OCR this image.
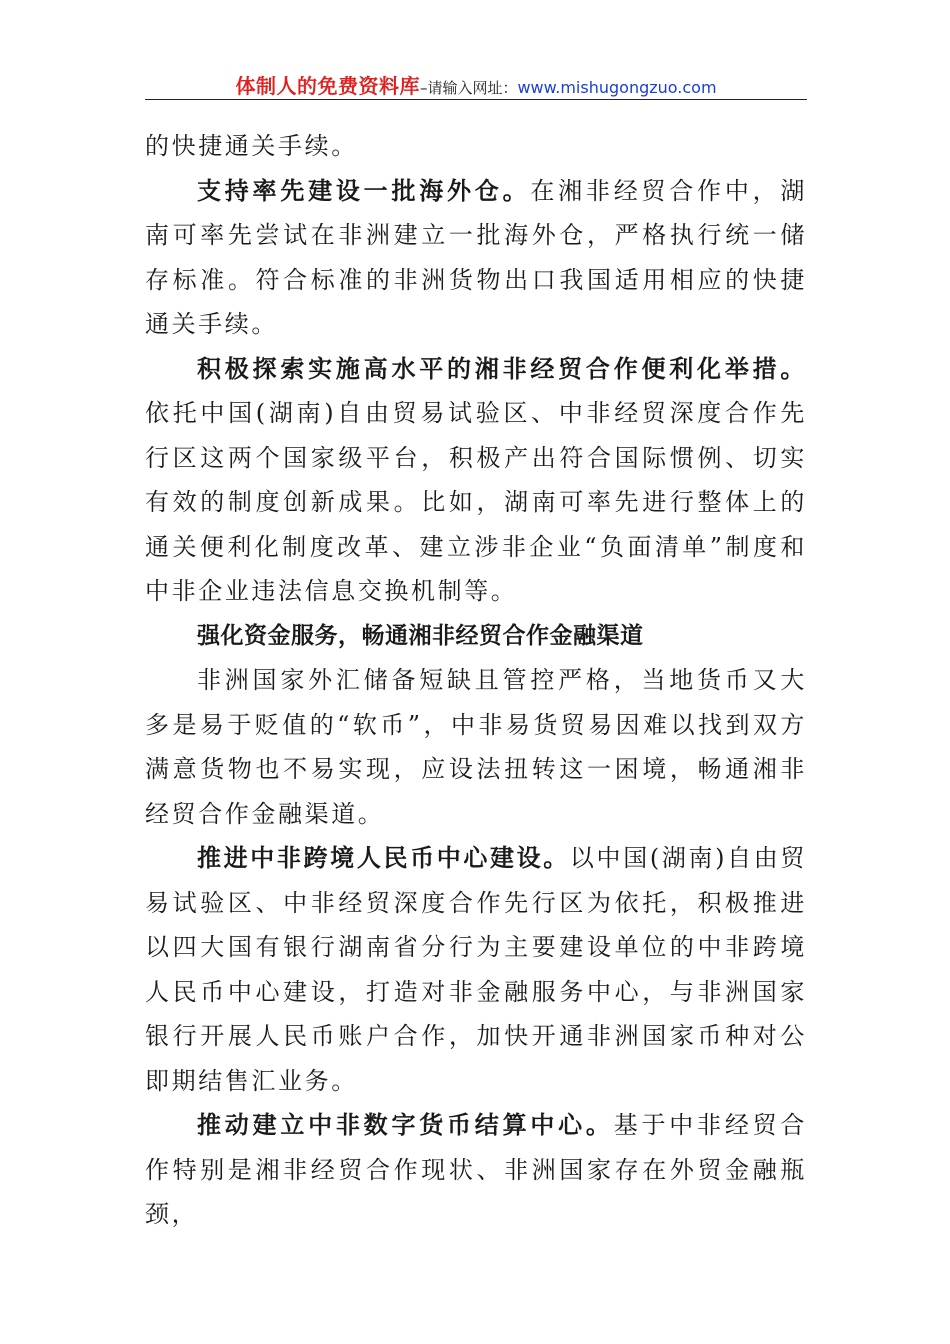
体制人的免费资料库–请输入网址：www.mishugongzuo.com

的快捷通关手续。

支持率先建设一批海外仓。在湘非经贸合作中，湖南可率先尝试在非洲建立一批海外仓，严格执行统一储存标准。符合标准的非洲货物出口我国适用相应的快捷通关手续。

积极探索实施高水平的湘非经贸合作便利化举措。依托中国(湖南)自由贸易试验区、中非经贸深度合作先行区这两个国家级平台，积极产出符合国际惯例、切实有效的制度创新成果。比如，湖南可率先进行整体上的通关便利化制度改革、建立涉非企业“负面清单”制度和中非企业违法信息交换机制等。

强化资金服务，畅通湘非经贸合作金融渠道

非洲国家外汇储备短缺且管控严格，当地货币又大多是易于贬值的“软币”，中非易货贸易因难以找到双方满意货物也不易实现，应设法扭转这一困境，畅通湘非经贸合作金融渠道。

推进中非跨境人民币中心建设。以中国(湖南)自由贸易试验区、中非经贸深度合作先行区为依托，积极推进以四大国有银行湖南省分行为主要建设单位的中非跨境人民币中心建设，打造对非金融服务中心，与非洲国家银行开展人民币账户合作，加快开通非洲国家币种对公即期结售汇业务。

推动建立中非数字货币结算中心。基于中非经贸合作特别是湘非经贸合作现状、非洲国家存在外贸金融瓶颈，
